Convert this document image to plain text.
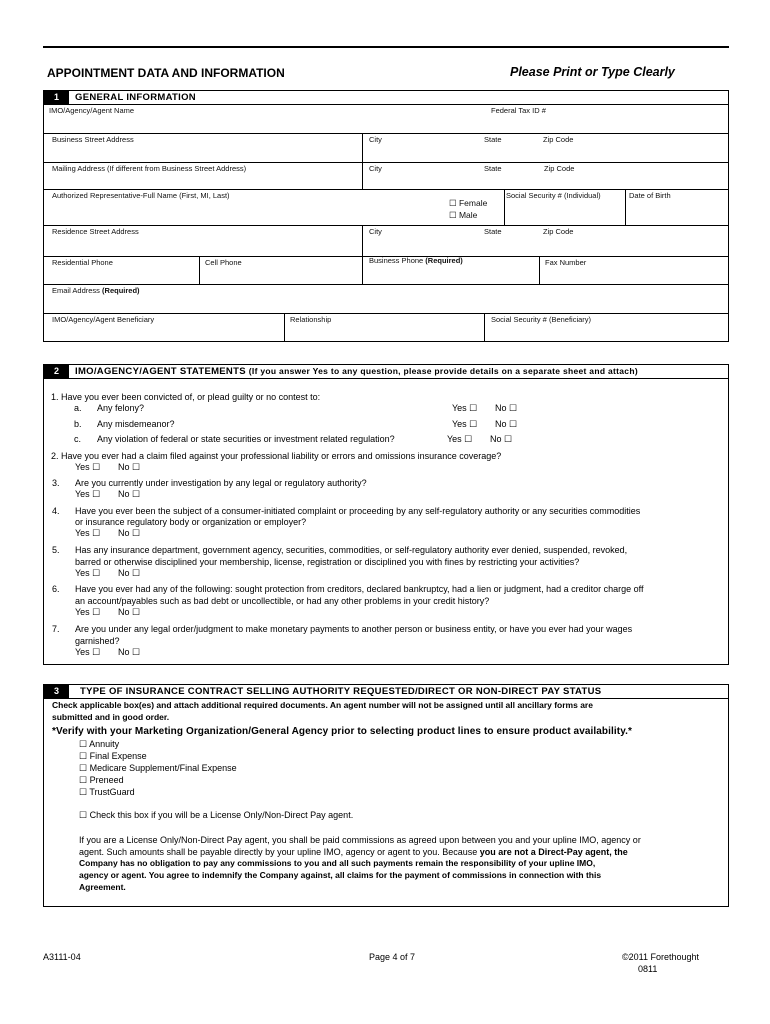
APPOINTMENT DATA AND INFORMATION	Please Print or Type Clearly
1	GENERAL INFORMATION
IMO/Agency/Agent Name	Federal Tax ID #
Business Street Address	City	State	Zip Code
Mailing Address (If different from Business Street Address)	City	State	Zip Code
Authorized Representative-Full Name (First, MI, Last)
☐ Female
☐ Male
Social Security # (Individual)	Date of Birth
Residence Street Address	City	State	Zip Code
Residential Phone	Cell Phone	Business Phone (Required)	Fax Number
Email Address (Required)
IMO/Agency/Agent Beneficiary	Relationship	Social Security # (Beneficiary)
2	IMO/AGENCY/AGENT STATEMENTS (If you answer Yes to any question, please provide details on a separate sheet and attach)
1. Have you ever been convicted of, or plead guilty or no contest to:
a. Any felony?	Yes ☐ No ☐
b. Any misdemeanor?	Yes ☐ No ☐
c. Any violation of federal or state securities or investment related regulation?	Yes ☐ No ☐
2. Have you ever had a claim filed against your professional liability or errors and omissions insurance coverage?
Yes ☐ No ☐
3. Are you currently under investigation by any legal or regulatory authority?
Yes ☐ No ☐
4. Have you ever been the subject of a consumer-initiated complaint or proceeding by any self-regulatory authority or any securities commodities
or insurance regulatory body or organization or employer?
Yes ☐ No ☐
5. Has any insurance department, government agency, securities, commodities, or self-regulatory authority ever denied, suspended, revoked,
barred or otherwise disciplined your membership, license, registration or disciplined you with fines by restricting your activities?
Yes ☐ No ☐
6. Have you ever had any of the following: sought protection from creditors, declared bankruptcy, had a lien or judgment, had a creditor charge off
an account/payables such as bad debt or uncollectible, or had any other problems in your credit history?
Yes ☐ No ☐
7. Are you under any legal order/judgment to make monetary payments to another person or business entity, or have you ever had your wages
garnished?
Yes ☐ No ☐
3	TYPE OF INSURANCE CONTRACT SELLING AUTHORITY REQUESTED/DIRECT OR NON-DIRECT PAY STATUS
Check applicable box(es) and attach additional required documents. An agent number will not be assigned until all ancillary forms are
submitted and in good order.
*Verify with your Marketing Organization/General Agency prior to selecting product lines to ensure product availability.*
☐ Annuity
☐ Final Expense
☐ Medicare Supplement/Final Expense
☐ Preneed
☐ TrustGuard
☐ Check this box if you will be a License Only/Non-Direct Pay agent.
If you are a License Only/Non-Direct Pay agent, you shall be paid commissions as agreed upon between you and your upline IMO, agency or
agent. Such amounts shall be payable directly by your upline IMO, agency or agent to you. Because you are not a Direct-Pay agent, the
Company has no obligation to pay any commissions to you and all such payments remain the responsibility of your upline IMO,
agency or agent. You agree to indemnify the Company against, all claims for the payment of commissions in connection with this
Agreement.
A3111-04	Page 4 of 7	©2011 Forethought
0811
